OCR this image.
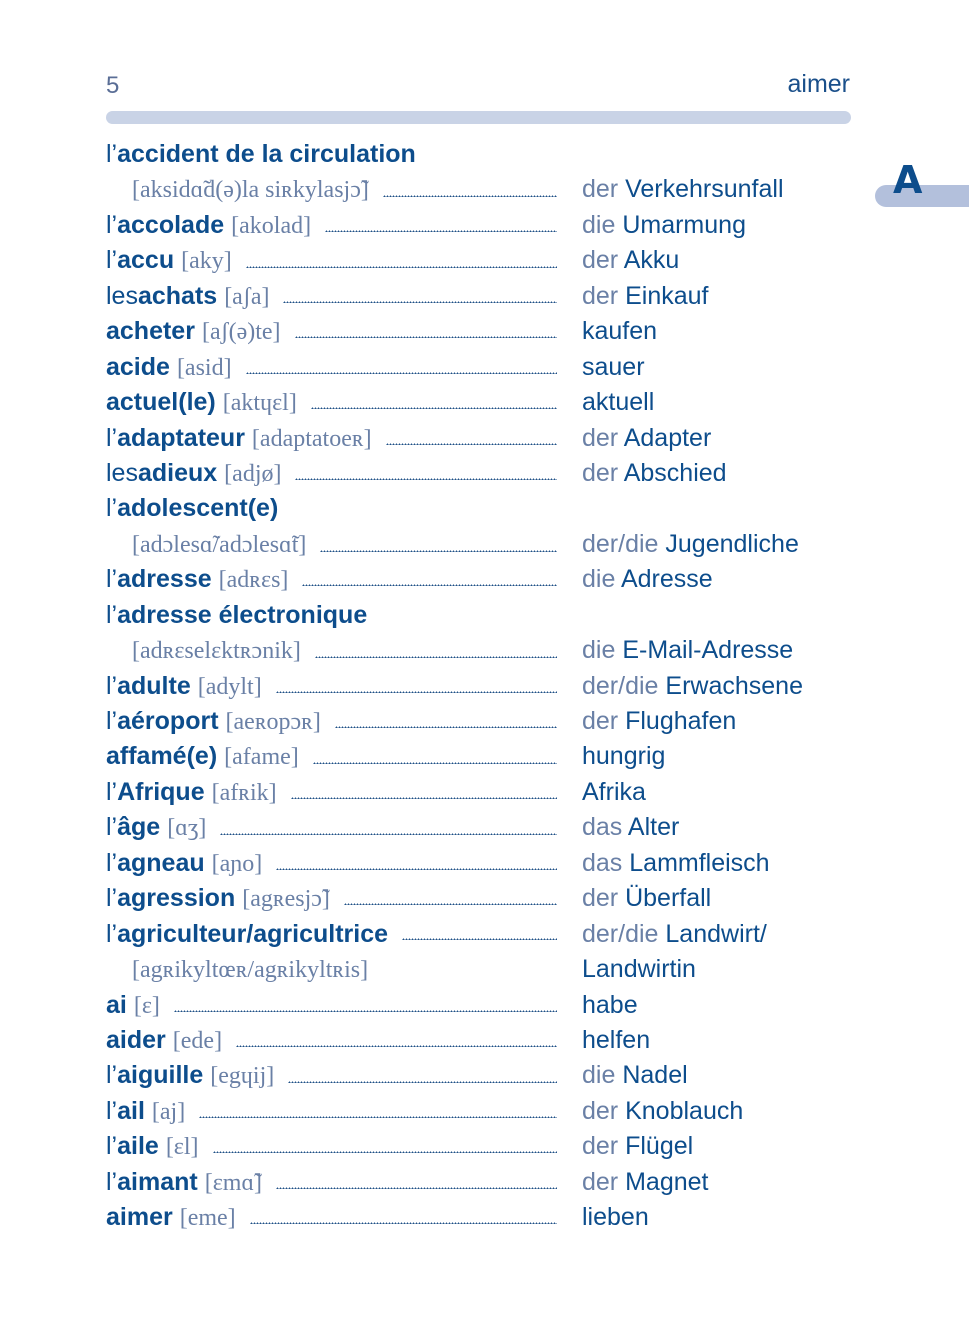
5	aimer
A
l’ accident de la circulation
[aksidɑ̃d(ə)la siʀkylasjɔ̃]	der Verkehrsunfall
l’ accolade [akolad]	die Umarmung
l’ accu [aky]	der Akku
les achats [aʃa]	der Einkauf
acheter [aʃ(ə)te]	kaufen
acide [asid]	sauer
actuel(le) [aktɥɛl]	aktuell
l’ adaptateur [adaptatoeʀ]	der Adapter
les adieux [adjø]	der Abschied
l’ adolescent(e)
[adɔlesɑ̃/adɔlesɑ̃t]	der/die Jugendliche
l’ adresse [adʀɛs]	die Adresse
l’ adresse électronique
[adʀɛselɛktʀɔnik]	die E-Mail-Adresse
l’ adulte [adylt]	der/die Erwachsene
l’ aéroport [aeʀopɔʀ]	der Flughafen
affamé(e) [afame]	hungrig
l’ Afrique [afʀik]	Afrika
l’ âge [ɑʒ]	das Alter
l’ agneau [aɲo]	das Lammfleisch
l’ agression [agʀesjɔ̃]	der Überfall
l’ agriculteur/agricultrice	der/die Landwirt/
[agʀikyltœʀ/agʀikyltʀis]	Landwirtin
ai [ɛ]	habe
aider [ede]	helfen
l’ aiguille [egɥij]	die Nadel
l’ ail [aj]	der Knoblauch
l’ aile [ɛl]	der Flügel
l’ aimant [ɛmɑ̃]	der Magnet
aimer [eme]	lieben
